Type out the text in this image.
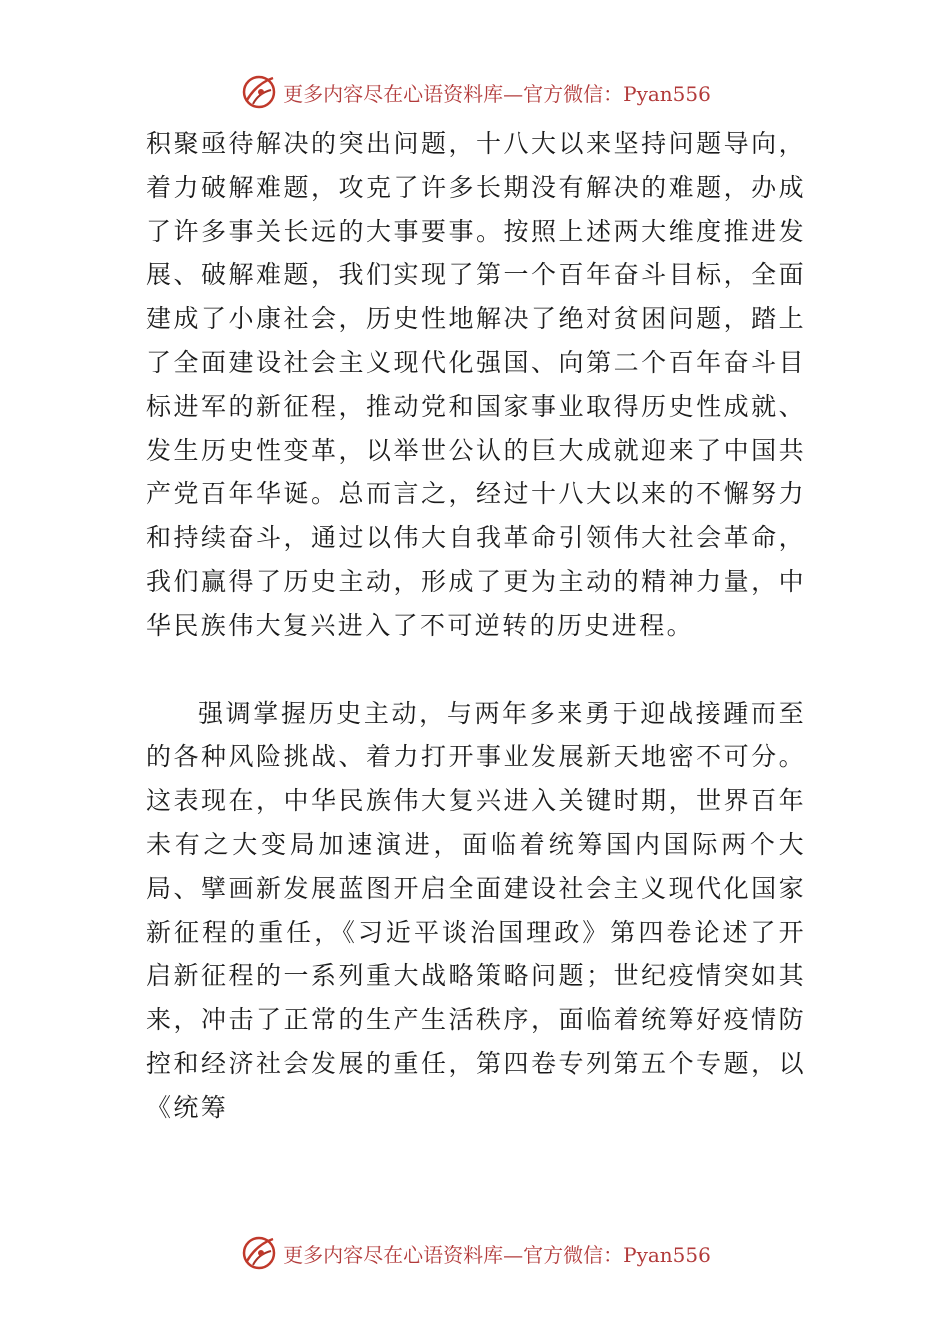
更多内容尽在心语资料库—官方微信：Pyan556

积聚亟待解决的突出问题，十八大以来坚持问题导向，着力破解难题，攻克了许多长期没有解决的难题，办成了许多事关长远的大事要事。按照上述两大维度推进发展、破解难题，我们实现了第一个百年奋斗目标，全面建成了小康社会，历史性地解决了绝对贫困问题，踏上了全面建设社会主义现代化强国、向第二个百年奋斗目标进军的新征程，推动党和国家事业取得历史性成就、发生历史性变革，以举世公认的巨大成就迎来了中国共产党百年华诞。总而言之，经过十八大以来的不懈努力和持续奋斗，通过以伟大自我革命引领伟大社会革命，我们赢得了历史主动，形成了更为主动的精神力量，中华民族伟大复兴进入了不可逆转的历史进程。

强调掌握历史主动，与两年多来勇于迎战接踵而至的各种风险挑战、着力打开事业发展新天地密不可分。这表现在，中华民族伟大复兴进入关键时期，世界百年未有之大变局加速演进，面临着统筹国内国际两个大局、擘画新发展蓝图开启全面建设社会主义现代化国家新征程的重任，《习近平谈治国理政》第四卷论述了开启新征程的一系列重大战略策略问题；世纪疫情突如其来，冲击了正常的生产生活秩序，面临着统筹好疫情防控和经济社会发展的重任，第四卷专列第五个专题，以《统筹

更多内容尽在心语资料库—官方微信：Pyan556
